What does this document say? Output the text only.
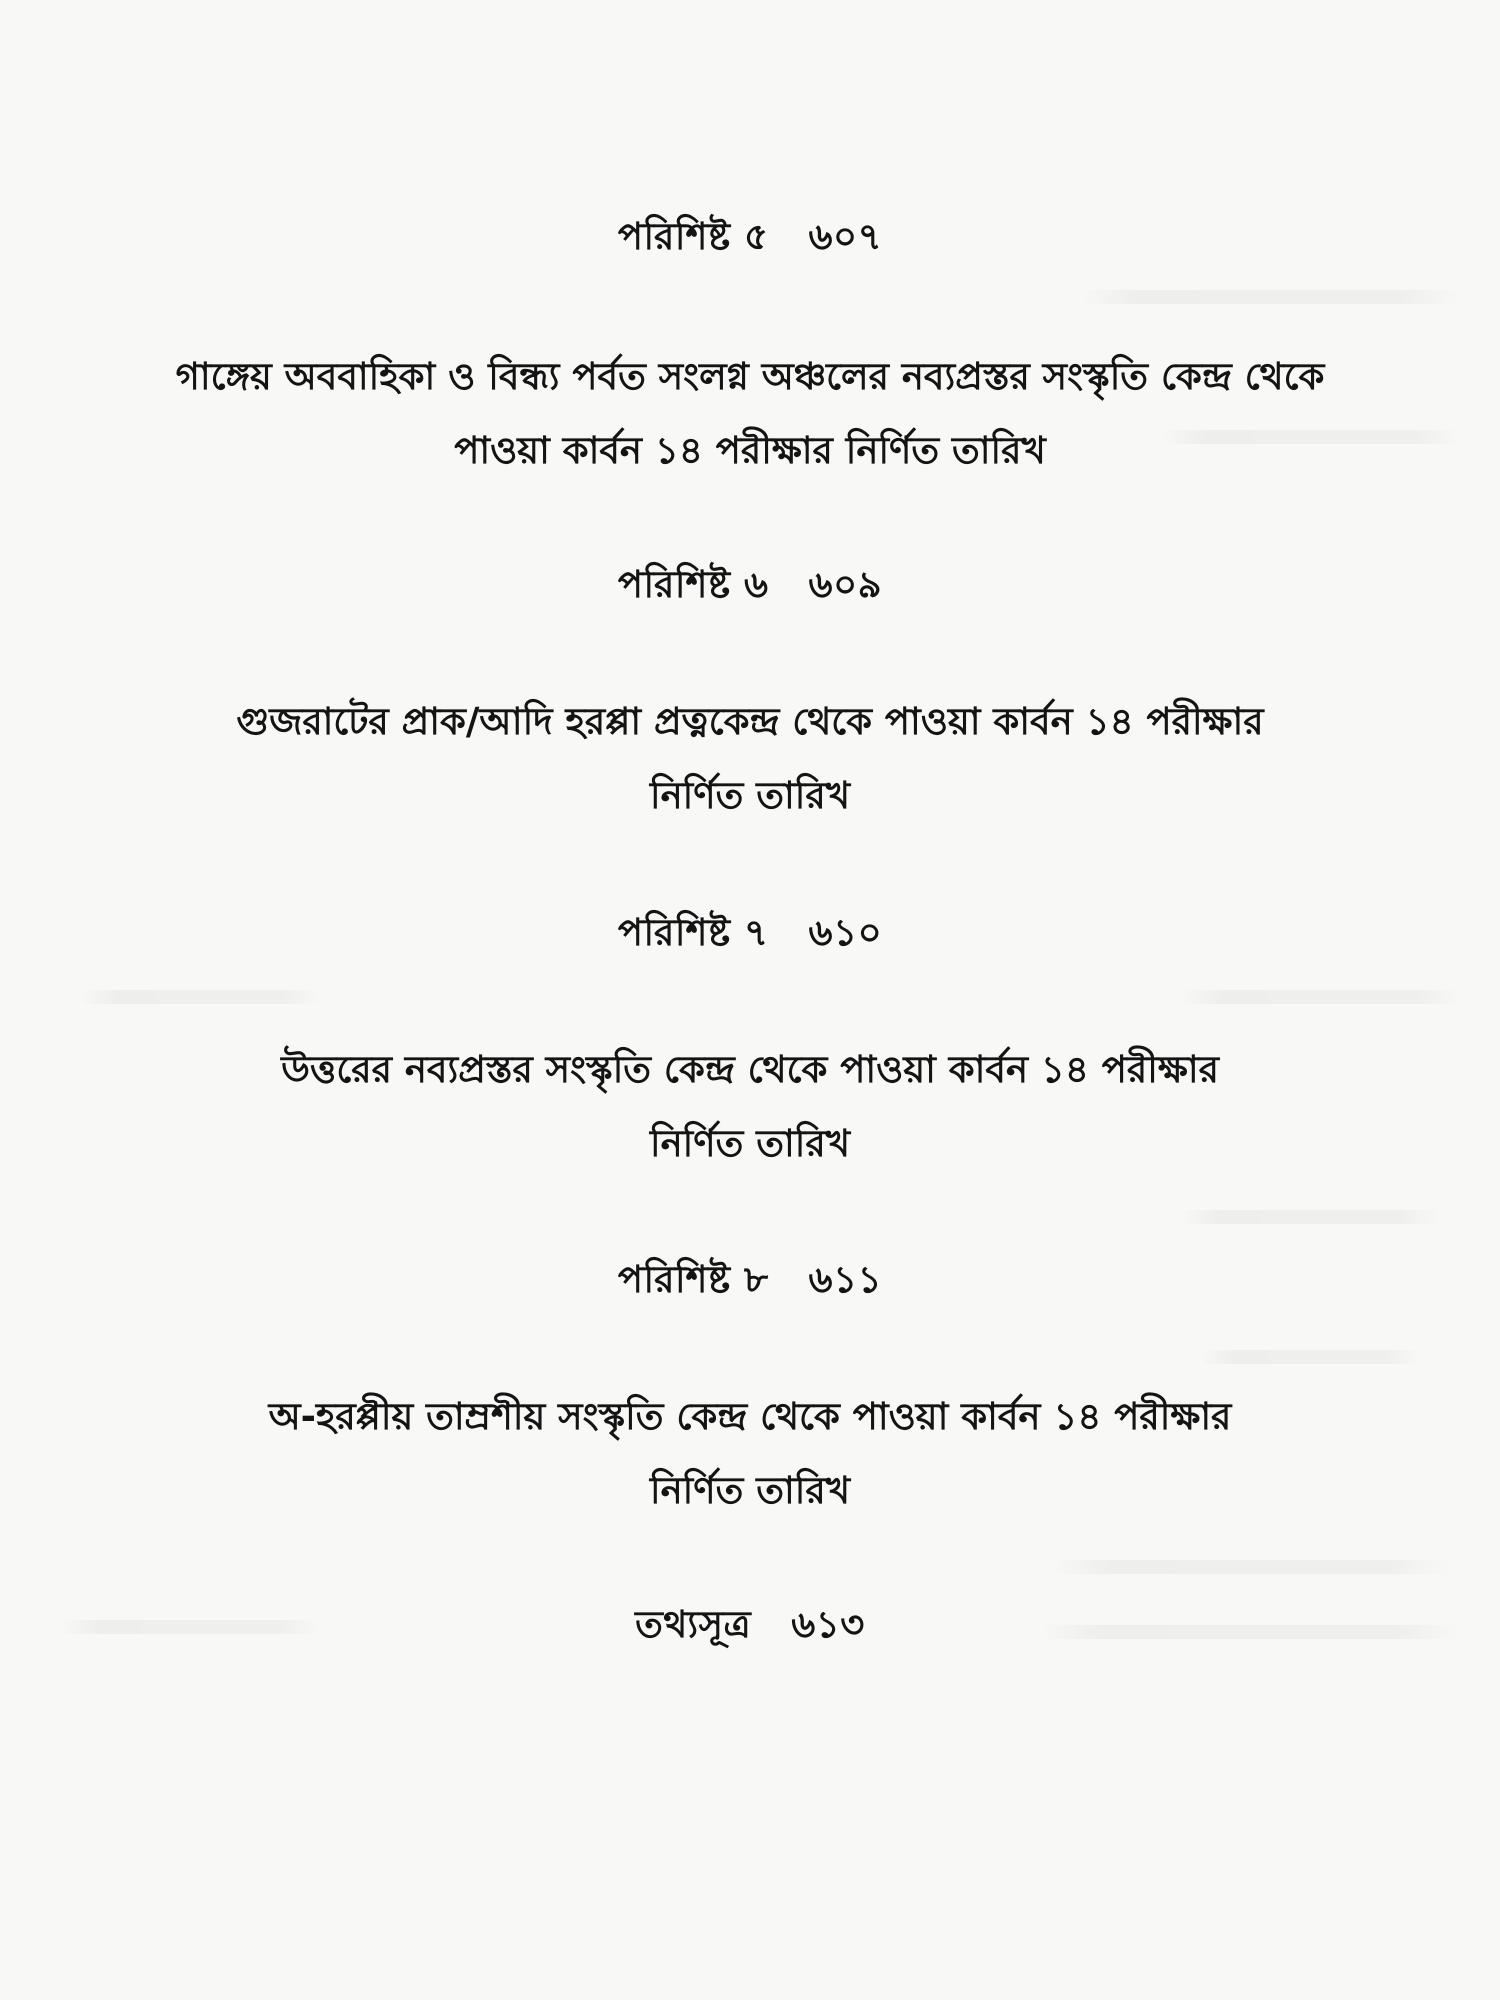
পরিশিষ্ট ৫ ৬০৭
গাঙ্গেয় অববাহিকা ও বিন্ধ্য পর্বত সংলগ্ন অঞ্চলের নব্যপ্রস্তর সংস্কৃতি কেন্দ্র থেকে
পাওয়া কার্বন ১৪ পরীক্ষার নির্ণিত তারিখ
পরিশিষ্ট ৬ ৬০৯
গুজরাটের প্রাক/আদি হরপ্পা প্রত্নকেন্দ্র থেকে পাওয়া কার্বন ১৪ পরীক্ষার
নির্ণিত তারিখ
পরিশিষ্ট ৭ ৬১০
উত্তরের নব্যপ্রস্তর সংস্কৃতি কেন্দ্র থেকে পাওয়া কার্বন ১৪ পরীক্ষার
নির্ণিত তারিখ
পরিশিষ্ট ৮ ৬১১
অ-হরপ্পীয় তাম্রশীয় সংস্কৃতি কেন্দ্র থেকে পাওয়া কার্বন ১৪ পরীক্ষার
নির্ণিত তারিখ
তথ্যসূত্র ৬১৩
